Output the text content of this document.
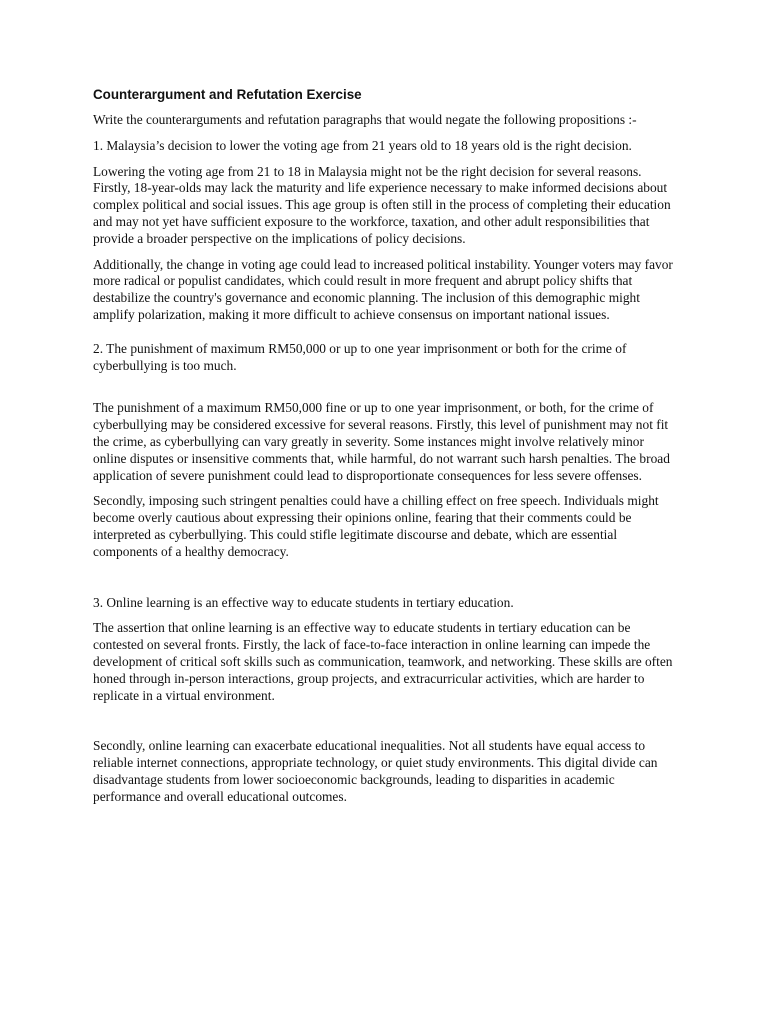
Counterargument and Refutation Exercise
Write the counterarguments and refutation paragraphs that would negate the following propositions :-
1. Malaysia’s decision to lower the voting age from 21 years old to 18 years old is the right decision.
Lowering the voting age from 21 to 18 in Malaysia might not be the right decision for several reasons. Firstly, 18-year-olds may lack the maturity and life experience necessary to make informed decisions about complex political and social issues. This age group is often still in the process of completing their education and may not yet have sufficient exposure to the workforce, taxation, and other adult responsibilities that provide a broader perspective on the implications of policy decisions.
Additionally, the change in voting age could lead to increased political instability. Younger voters may favor more radical or populist candidates, which could result in more frequent and abrupt policy shifts that destabilize the country's governance and economic planning. The inclusion of this demographic might amplify polarization, making it more difficult to achieve consensus on important national issues.
2. The punishment of maximum RM50,000 or up to one year imprisonment or both for the crime of cyberbullying is too much.
The punishment of a maximum RM50,000 fine or up to one year imprisonment, or both, for the crime of cyberbullying may be considered excessive for several reasons. Firstly, this level of punishment may not fit the crime, as cyberbullying can vary greatly in severity. Some instances might involve relatively minor online disputes or insensitive comments that, while harmful, do not warrant such harsh penalties. The broad application of severe punishment could lead to disproportionate consequences for less severe offenses.
Secondly, imposing such stringent penalties could have a chilling effect on free speech. Individuals might become overly cautious about expressing their opinions online, fearing that their comments could be interpreted as cyberbullying. This could stifle legitimate discourse and debate, which are essential components of a healthy democracy.
3. Online learning is an effective way to educate students in tertiary education.
The assertion that online learning is an effective way to educate students in tertiary education can be contested on several fronts. Firstly, the lack of face-to-face interaction in online learning can impede the development of critical soft skills such as communication, teamwork, and networking. These skills are often honed through in-person interactions, group projects, and extracurricular activities, which are harder to replicate in a virtual environment.
Secondly, online learning can exacerbate educational inequalities. Not all students have equal access to reliable internet connections, appropriate technology, or quiet study environments. This digital divide can disadvantage students from lower socioeconomic backgrounds, leading to disparities in academic performance and overall educational outcomes.
